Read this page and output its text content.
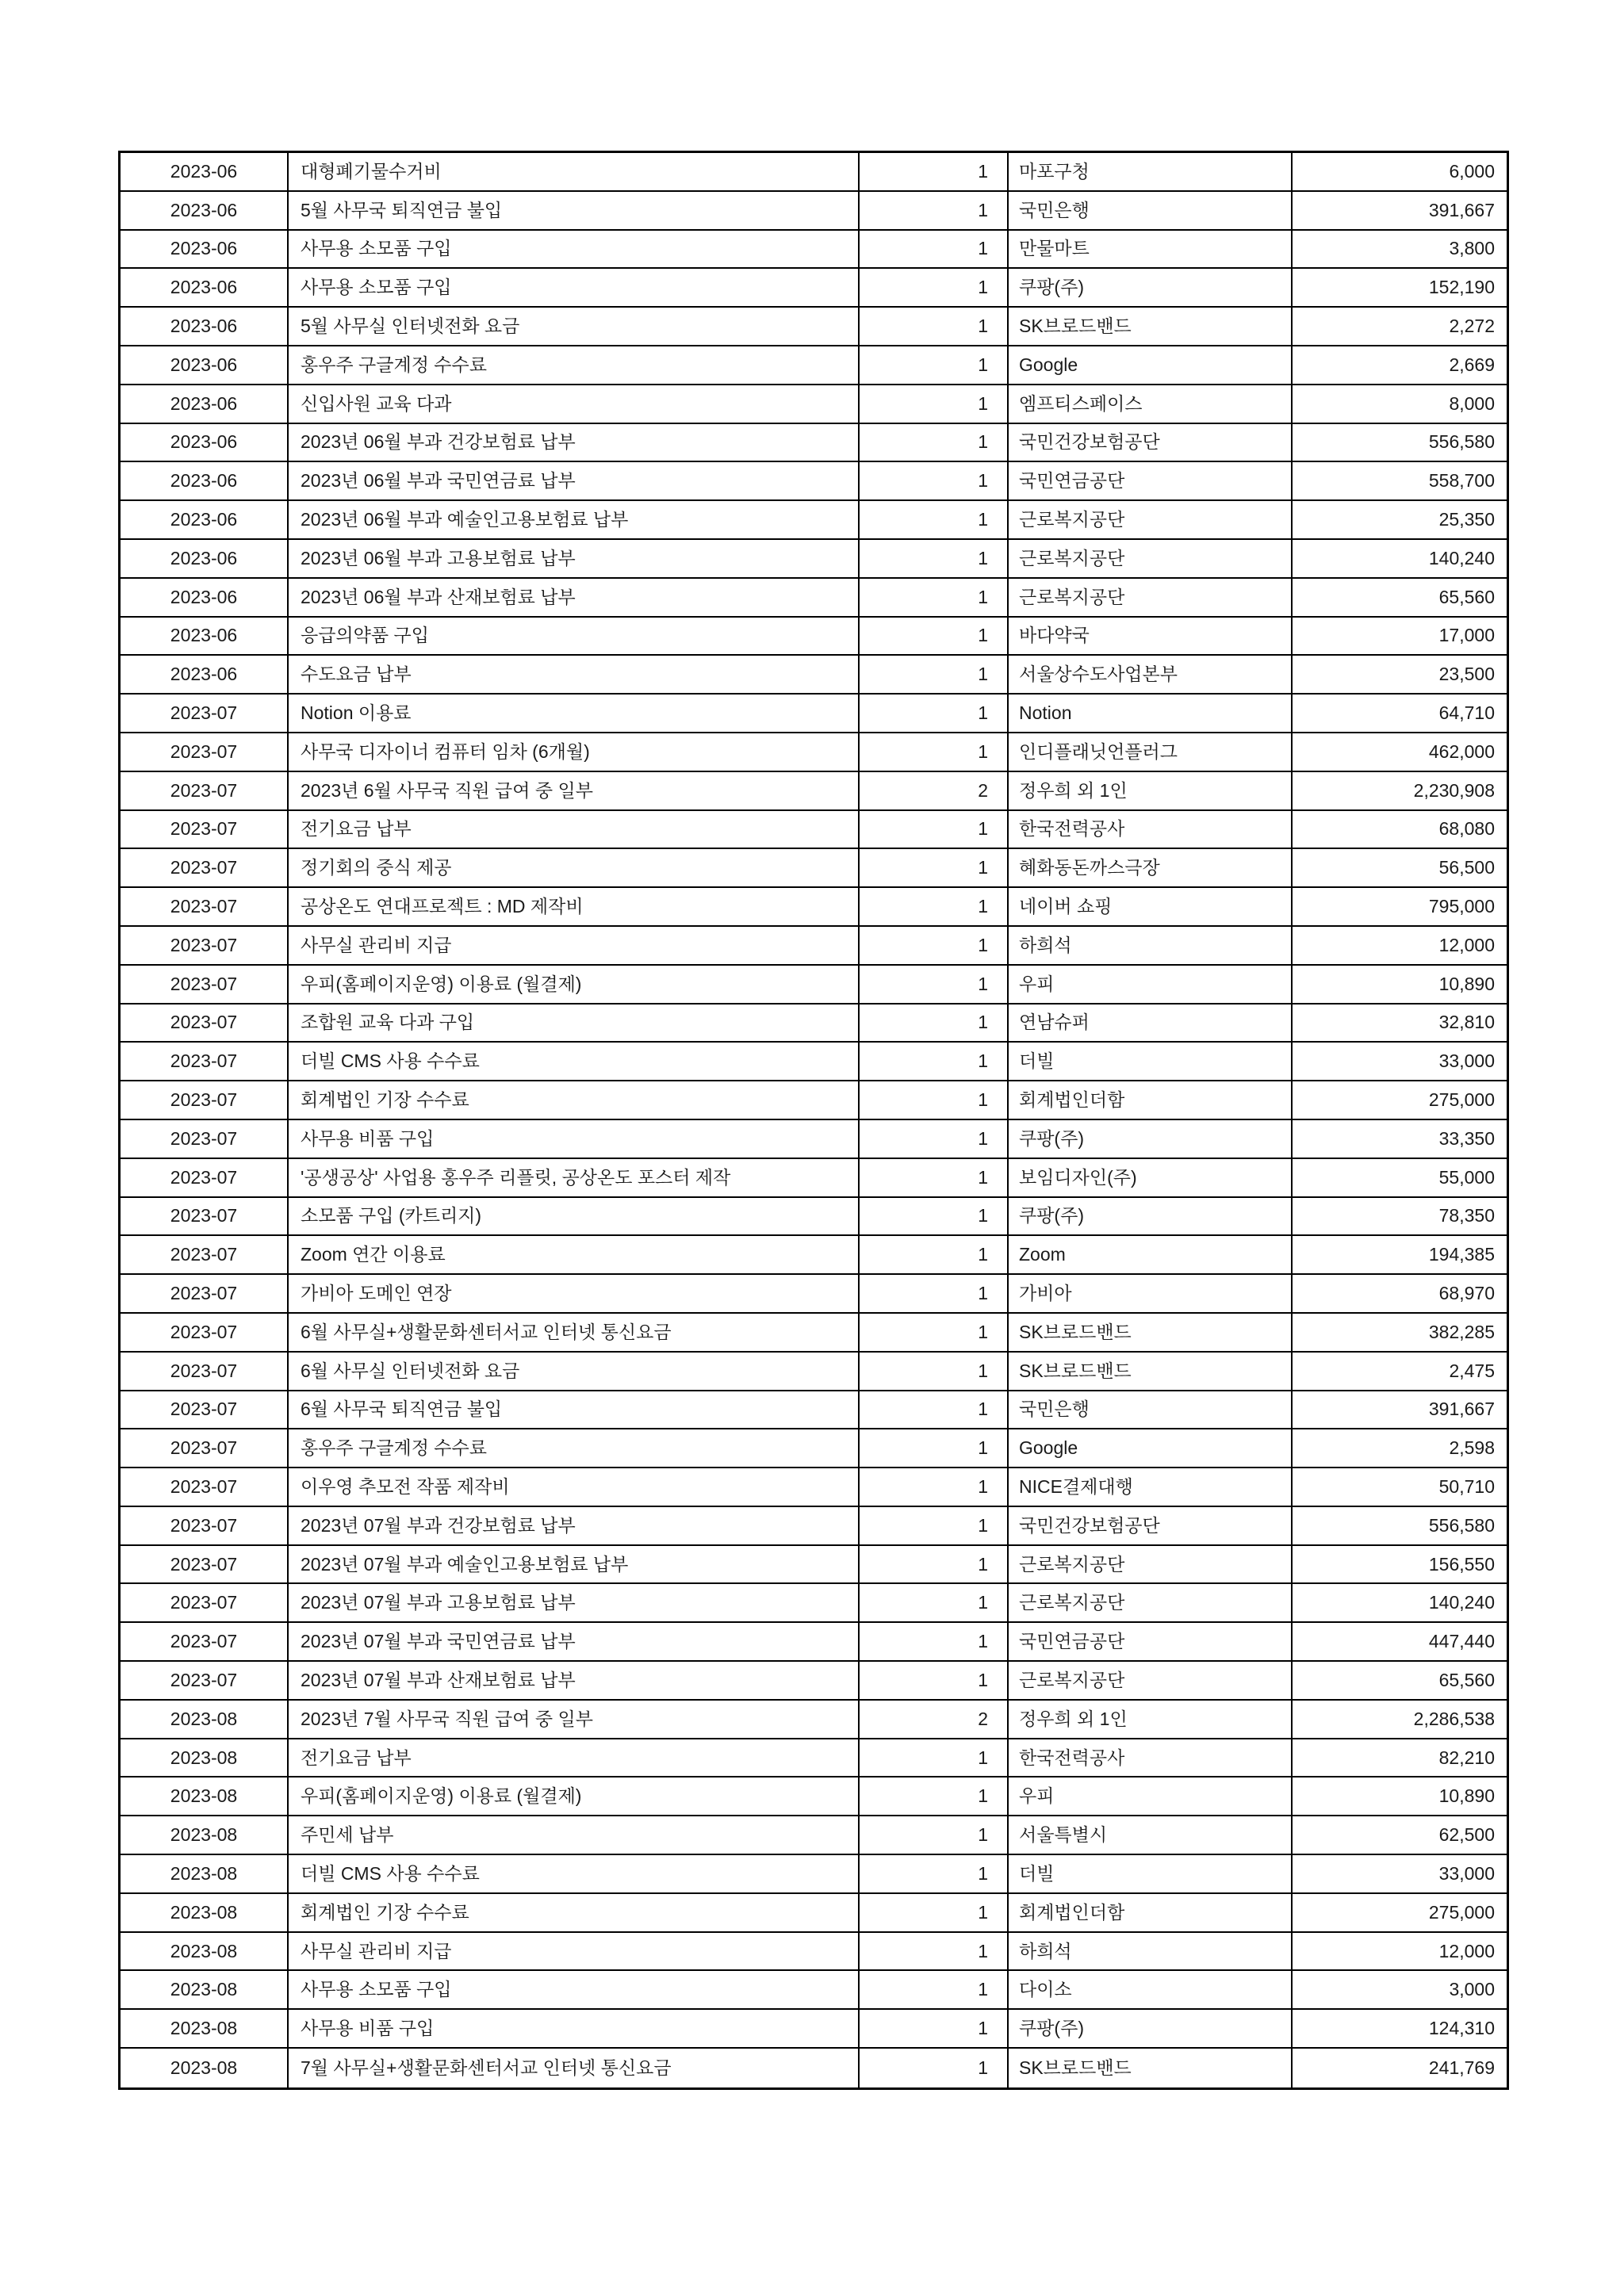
2023-06	대형폐기물수거비	1	마포구청	6,000
2023-06	5월 사무국 퇴직연금 불입	1	국민은행	391,667
2023-06	사무용 소모품 구입	1	만물마트	3,800
2023-06	사무용 소모품 구입	1	쿠팡(주)	152,190
2023-06	5월 사무실 인터넷전화 요금	1	SK브로드밴드	2,272
2023-06	홍우주 구글계정 수수료	1	Google	2,669
2023-06	신입사원 교육 다과	1	엠프티스페이스	8,000
2023-06	2023년 06월 부과 건강보험료 납부	1	국민건강보험공단	556,580
2023-06	2023년 06월 부과 국민연금료 납부	1	국민연금공단	558,700
2023-06	2023년 06월 부과 예술인고용보험료 납부	1	근로복지공단	25,350
2023-06	2023년 06월 부과 고용보험료 납부	1	근로복지공단	140,240
2023-06	2023년 06월 부과 산재보험료 납부	1	근로복지공단	65,560
2023-06	응급의약품 구입	1	바다약국	17,000
2023-06	수도요금 납부	1	서울상수도사업본부	23,500
2023-07	Notion 이용료	1	Notion	64,710
2023-07	사무국 디자이너 컴퓨터 임차 (6개월)	1	인디플래닛언플러그	462,000
2023-07	2023년 6월 사무국 직원 급여 중 일부	2	정우희 외 1인	2,230,908
2023-07	전기요금 납부	1	한국전력공사	68,080
2023-07	정기회의 중식 제공	1	혜화동돈까스극장	56,500
2023-07	공상온도 연대프로젝트 : MD 제작비	1	네이버 쇼핑	795,000
2023-07	사무실 관리비 지급	1	하희석	12,000
2023-07	우피(홈페이지운영) 이용료 (월결제)	1	우피	10,890
2023-07	조합원 교육 다과 구입	1	연남슈퍼	32,810
2023-07	더빌 CMS 사용 수수료	1	더빌	33,000
2023-07	회계법인 기장 수수료	1	회계법인더함	275,000
2023-07	사무용 비품 구입	1	쿠팡(주)	33,350
2023-07	'공생공상' 사업용 홍우주 리플릿, 공상온도 포스터 제작	1	보임디자인(주)	55,000
2023-07	소모품 구입 (카트리지)	1	쿠팡(주)	78,350
2023-07	Zoom 연간 이용료	1	Zoom	194,385
2023-07	가비아 도메인 연장	1	가비아	68,970
2023-07	6월 사무실+생활문화센터서교 인터넷 통신요금	1	SK브로드밴드	382,285
2023-07	6월 사무실 인터넷전화 요금	1	SK브로드밴드	2,475
2023-07	6월 사무국 퇴직연금 불입	1	국민은행	391,667
2023-07	홍우주 구글계정 수수료	1	Google	2,598
2023-07	이우영 추모전 작품 제작비	1	NICE결제대행	50,710
2023-07	2023년 07월 부과 건강보험료 납부	1	국민건강보험공단	556,580
2023-07	2023년 07월 부과 예술인고용보험료 납부	1	근로복지공단	156,550
2023-07	2023년 07월 부과 고용보험료 납부	1	근로복지공단	140,240
2023-07	2023년 07월 부과 국민연금료 납부	1	국민연금공단	447,440
2023-07	2023년 07월 부과 산재보험료 납부	1	근로복지공단	65,560
2023-08	2023년 7월 사무국 직원 급여 중 일부	2	정우희 외 1인	2,286,538
2023-08	전기요금 납부	1	한국전력공사	82,210
2023-08	우피(홈페이지운영) 이용료 (월결제)	1	우피	10,890
2023-08	주민세 납부	1	서울특별시	62,500
2023-08	더빌 CMS 사용 수수료	1	더빌	33,000
2023-08	회계법인 기장 수수료	1	회계법인더함	275,000
2023-08	사무실 관리비 지급	1	하희석	12,000
2023-08	사무용 소모품 구입	1	다이소	3,000
2023-08	사무용 비품 구입	1	쿠팡(주)	124,310
2023-08	7월 사무실+생활문화센터서교 인터넷 통신요금	1	SK브로드밴드	241,769
